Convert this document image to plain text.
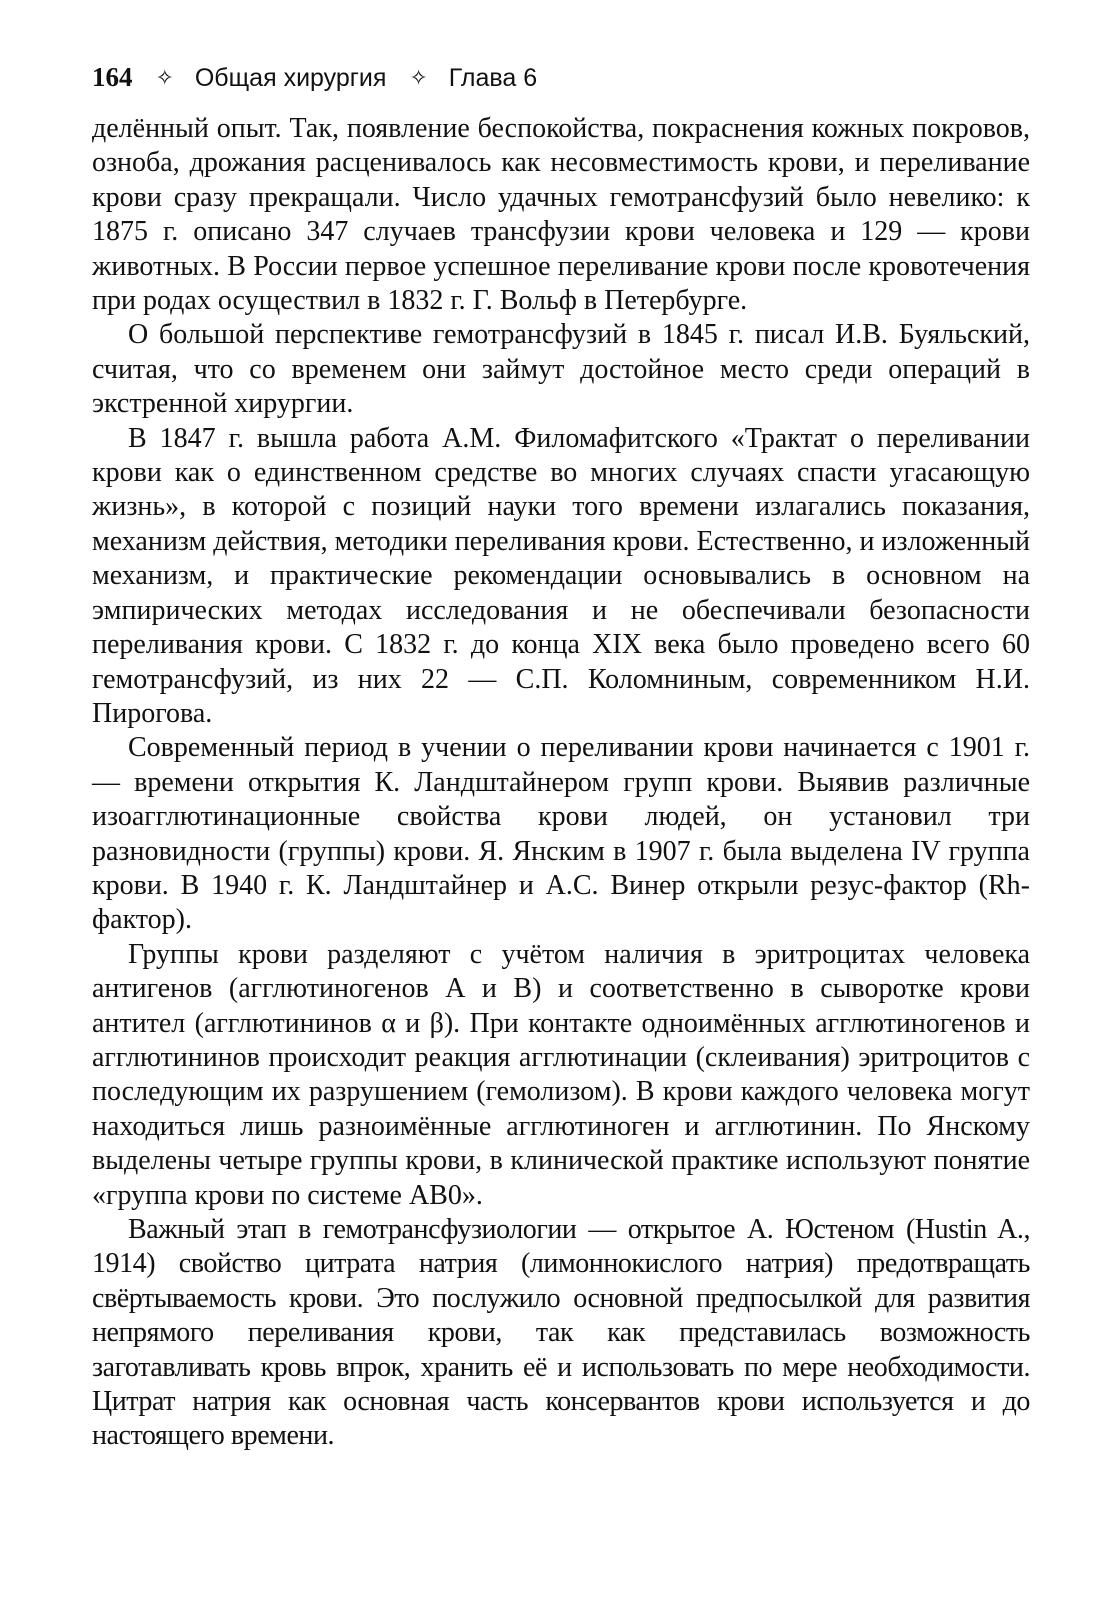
164 ✧ Общая хирургия ✧ Глава 6

делённый опыт. Так, появление беспокойства, покраснения кожных покровов, озноба, дрожания расценивалось как несовместимость крови, и переливание крови сразу прекращали. Число удачных гемотрансфузий было невелико: к 1875 г. описано 347 случаев трансфузии крови человека и 129 — крови животных. В России первое успешное переливание крови после кровотечения при родах осуществил в 1832 г. Г. Вольф в Петербурге.

О большой перспективе гемотрансфузий в 1845 г. писал И.В. Буяльский, считая, что со временем они займут достойное место среди операций в экстренной хирургии.

В 1847 г. вышла работа А.М. Филомафитского «Трактат о переливании крови как о единственном средстве во многих случаях спасти угасающую жизнь», в которой с позиций науки того времени излагались показания, механизм действия, методики переливания крови. Естественно, и изложенный механизм, и практические рекомендации основывались в основном на эмпирических методах исследования и не обеспечивали безопасности переливания крови. С 1832 г. до конца XIX века было проведено всего 60 гемотрансфузий, из них 22 — С.П. Коломниным, современником Н.И. Пирогова.

Современный период в учении о переливании крови начинается с 1901 г. — времени открытия К. Ландштайнером групп крови. Выявив различные изоагглютинационные свойства крови людей, он установил три разновидности (группы) крови. Я. Янским в 1907 г. была выделена IV группа крови. В 1940 г. К. Ландштайнер и А.С. Винер открыли резус-фактор (Rh-фактор).

Группы крови разделяют с учётом наличия в эритроцитах человека антигенов (агглютиногенов А и В) и соответственно в сыворотке крови антител (агглютининов α и β). При контакте одноимённых агглютиногенов и агглютининов происходит реакция агглютинации (склеивания) эритроцитов с последующим их разрушением (гемолизом). В крови каждого человека могут находиться лишь разноимённые агглютиноген и агглютинин. По Янскому выделены четыре группы крови, в клинической практике используют понятие «группа крови по системе АВ0».

Важный этап в гемотрансфузиологии — открытое А. Юстеном (Hustin A., 1914) свойство цитрата натрия (лимоннокислого натрия) предотвращать свёртываемость крови. Это послужило основной предпосылкой для развития непрямого переливания крови, так как представилась возможность заготавливать кровь впрок, хранить её и использовать по мере необходимости. Цитрат натрия как основная часть консервантов крови используется и до настоящего времени.
